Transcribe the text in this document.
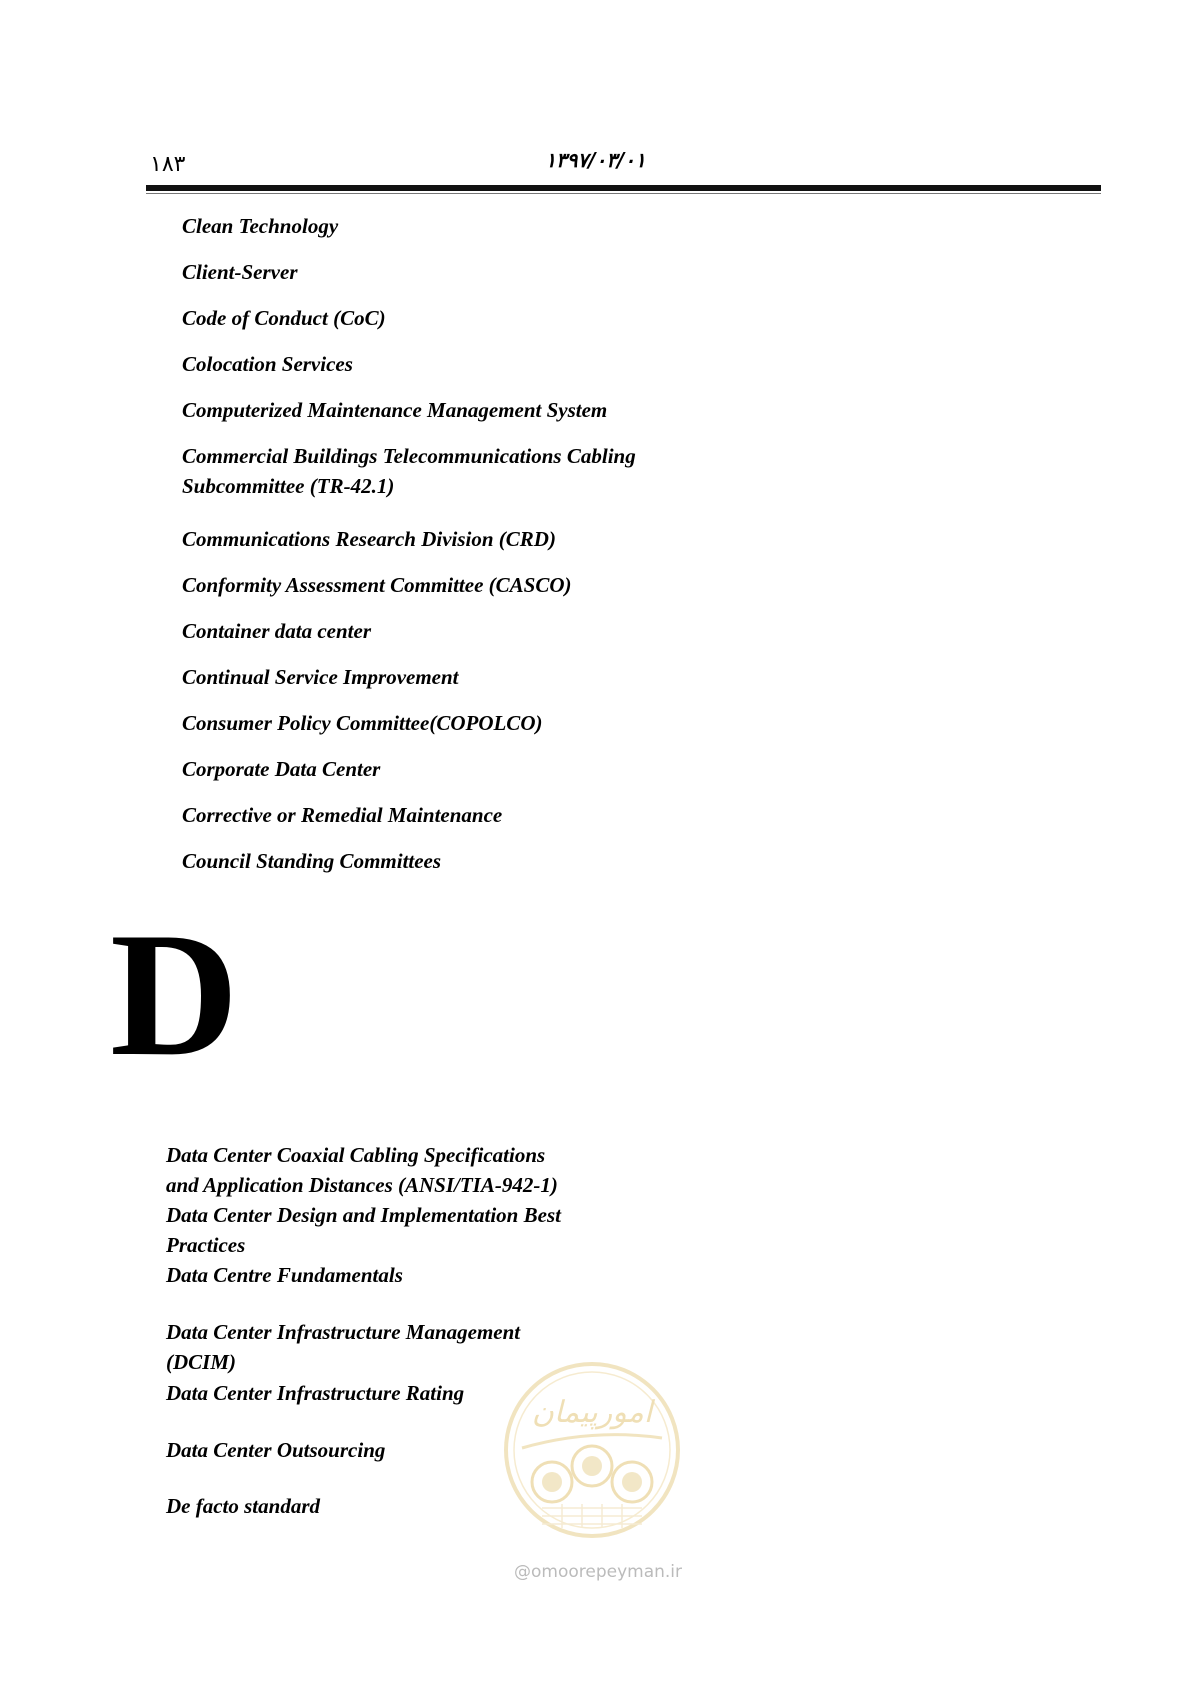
۱۸۳	۱۳۹۷/۰۳/۰۱
Clean Technology
Client-Server
Code of Conduct (CoC)
Colocation Services
Computerized Maintenance Management System
Commercial Buildings Telecommunications Cabling
Subcommittee (TR-42.1)
Communications Research Division (CRD)
Conformity Assessment Committee (CASCO)
Container data center
Continual Service Improvement
Consumer Policy Committee(COPOLCO)
Corporate Data Center
Corrective or Remedial Maintenance
Council Standing Committees
D
Data Center Coaxial Cabling Specifications
and Application Distances (ANSI/TIA-942-1)
Data Center Design and Implementation Best
Practices
Data Centre Fundamentals
Data Center Infrastructure Management
(DCIM)
Data Center Infrastructure Rating
Data Center Outsourcing
De facto standard
امورپیمان
@omoorepeyman.ir
